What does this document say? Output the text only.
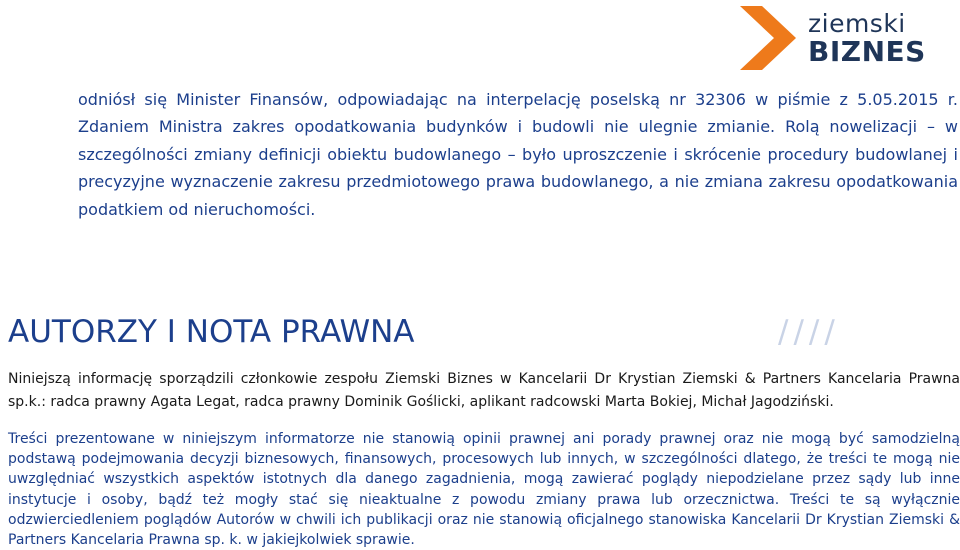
ziemski
BIZNES

odniósł się Minister Finansów, odpowiadając na interpelację poselską nr 32306 w piśmie z 5.05.2015 r. Zdaniem Ministra zakres opodatkowania budynków i budowli nie ulegnie zmianie. Rolą nowelizacji – w szczególności zmiany definicji obiektu budowlanego – było uproszczenie i skrócenie procedury budowlanej i precyzyjne wyznaczenie zakresu przedmiotowego prawa budowlanego, a nie zmiana zakresu opodatkowania podatkiem od nieruchomości.

AUTORZY I NOTA PRAWNA	////

Niniejszą informację sporządzili członkowie zespołu Ziemski Biznes w Kancelarii Dr Krystian Ziemski & Partners Kancelaria Prawna sp.k.: radca prawny Agata Legat, radca prawny Dominik Goślicki, aplikant radcowski Marta Bokiej, Michał Jagodziński.

Treści prezentowane w niniejszym informatorze nie stanowią opinii prawnej ani porady prawnej oraz nie mogą być samodzielną podstawą podejmowania decyzji biznesowych, finansowych, procesowych lub innych, w szczególności dlatego, że treści te mogą nie uwzględniać wszystkich aspektów istotnych dla danego zagadnienia, mogą zawierać poglądy niepodzielane przez sądy lub inne instytucje i osoby, bądź też mogły stać się nieaktualne z powodu zmiany prawa lub orzecznictwa. Treści te są wyłącznie odzwierciedleniem poglądów Autorów w chwili ich publikacji oraz nie stanowią oficjalnego stanowiska Kancelarii Dr Krystian Ziemski & Partners Kancelaria Prawna sp. k. w jakiejkolwiek sprawie.
